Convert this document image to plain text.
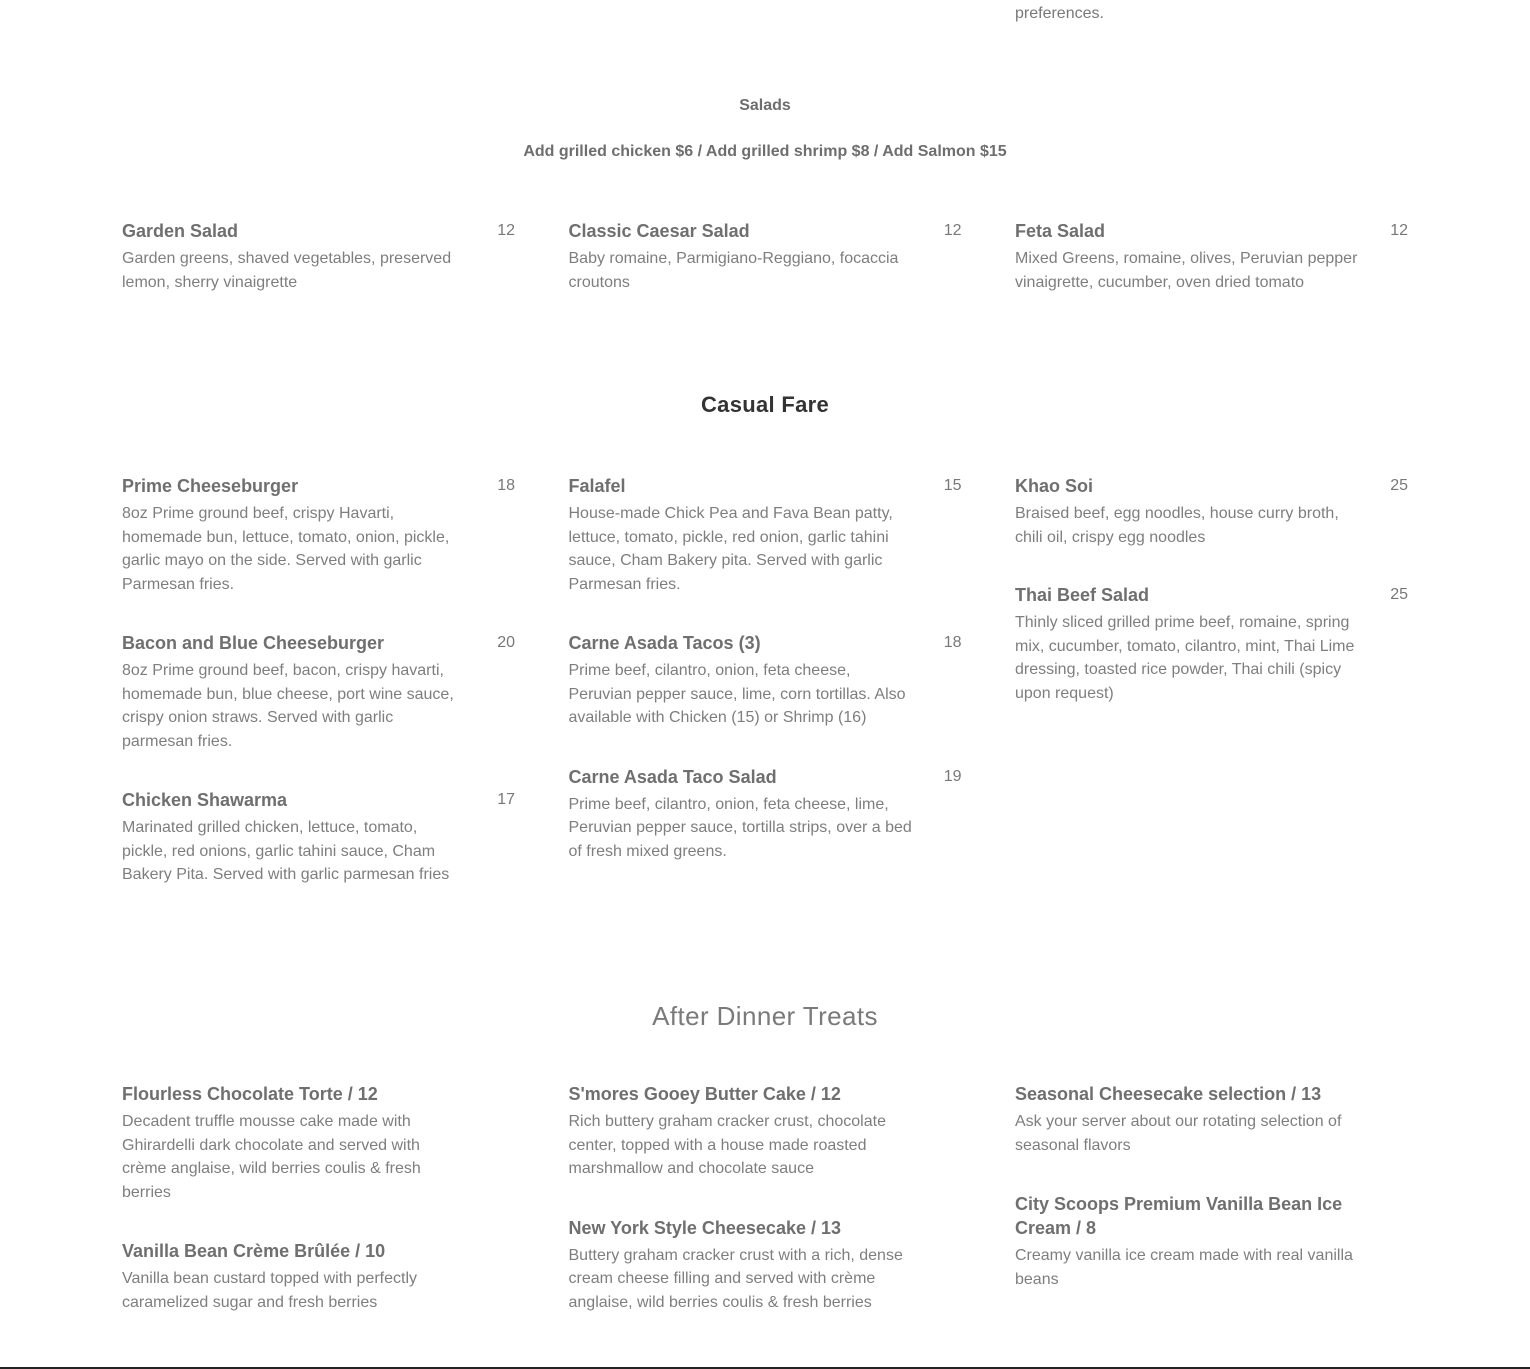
preferences.
Salads
Add grilled chicken $6 / Add grilled shrimp $8 / Add Salmon $15
Garden Salad	12
Garden greens, shaved vegetables, preserved lemon, sherry vinaigrette
Classic Caesar Salad	12
Baby romaine, Parmigiano-Reggiano, focaccia croutons
Feta Salad	12
Mixed Greens, romaine, olives, Peruvian pepper vinaigrette, cucumber, oven dried tomato
Casual Fare
Prime Cheeseburger	18
8oz Prime ground beef, crispy Havarti, homemade bun, lettuce, tomato, onion, pickle, garlic mayo on the side. Served with garlic Parmesan fries.
Bacon and Blue Cheeseburger	20
8oz Prime ground beef, bacon, crispy havarti, homemade bun, blue cheese, port wine sauce, crispy onion straws. Served with garlic parmesan fries.
Chicken Shawarma	17
Marinated grilled chicken, lettuce, tomato, pickle, red onions, garlic tahini sauce, Cham Bakery Pita. Served with garlic parmesan fries
Falafel	15
House-made Chick Pea and Fava Bean patty, lettuce, tomato, pickle, red onion, garlic tahini sauce, Cham Bakery pita. Served with garlic Parmesan fries.
Carne Asada Tacos (3)	18
Prime beef, cilantro, onion, feta cheese, Peruvian pepper sauce, lime, corn tortillas. Also available with Chicken (15) or Shrimp (16)
Carne Asada Taco Salad	19
Prime beef, cilantro, onion, feta cheese, lime, Peruvian pepper sauce, tortilla strips, over a bed of fresh mixed greens.
Khao Soi	25
Braised beef, egg noodles, house curry broth, chili oil, crispy egg noodles
Thai Beef Salad	25
Thinly sliced grilled prime beef, romaine, spring mix, cucumber, tomato, cilantro, mint, Thai Lime dressing, toasted rice powder, Thai chili (spicy upon request)
After Dinner Treats
Flourless Chocolate Torte / 12
Decadent truffle mousse cake made with Ghirardelli dark chocolate and served with crème anglaise, wild berries coulis & fresh berries
Vanilla Bean Crème Brûlée / 10
Vanilla bean custard topped with perfectly caramelized sugar and fresh berries
S'mores Gooey Butter Cake / 12
Rich buttery graham cracker crust, chocolate center, topped with a house made roasted marshmallow and chocolate sauce
New York Style Cheesecake / 13
Buttery graham cracker crust with a rich, dense cream cheese filling and served with crème anglaise, wild berries coulis & fresh berries
Seasonal Cheesecake selection / 13
Ask your server about our rotating selection of seasonal flavors
City Scoops Premium Vanilla Bean Ice Cream / 8
Creamy vanilla ice cream made with real vanilla beans
